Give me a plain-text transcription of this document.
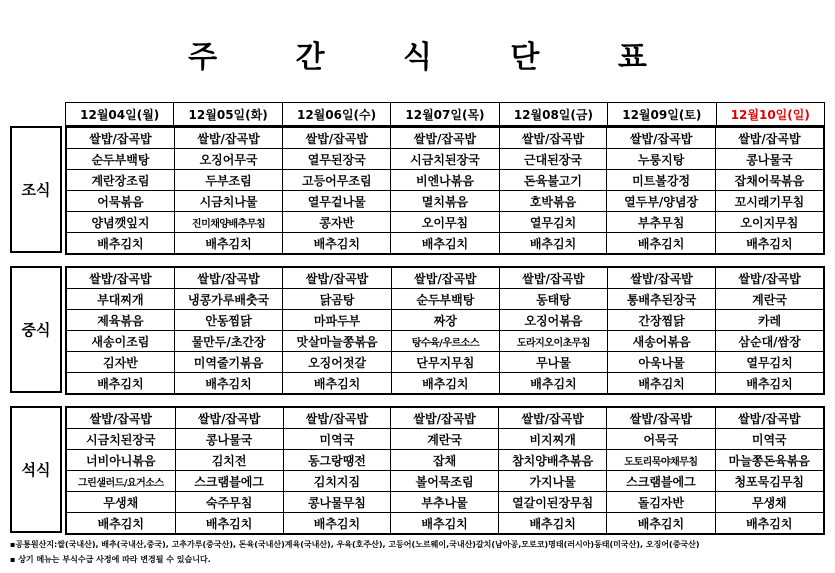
주 간 식 단 표
12월04일(월)	12월05일(화)	12월06일(수)	12월07일(목)	12월08일(금)	12월09일(토)	12월10일(일)
조식
쌀밥/잡곡밥	쌀밥/잡곡밥	쌀밥/잡곡밥	쌀밥/잡곡밥	쌀밥/잡곡밥	쌀밥/잡곡밥	쌀밥/잡곡밥
순두부백탕	오징어무국	열무된장국	시금치된장국	근대된장국	누룽지탕	콩나물국
계란장조림	두부조림	고등어무조림	비엔나볶음	돈육불고기	미트볼강정	잡채어묵볶음
어묵볶음	시금치나물	열무겉나물	멸치볶음	호박볶음	열두부/양념장	꼬시래기무침
양념깻잎지	진미채양배추무침	콩자반	오이무침	열무김치	부추무침	오이지무침
배추김치	배추김치	배추김치	배추김치	배추김치	배추김치	배추김치
중식
쌀밥/잡곡밥	쌀밥/잡곡밥	쌀밥/잡곡밥	쌀밥/잡곡밥	쌀밥/잡곡밥	쌀밥/잡곡밥	쌀밥/잡곡밥
부대찌개	냉콩가루배춧국	닭곰탕	순두부백탕	동태탕	통배추된장국	계란국
제육볶음	안동찜닭	마파두부	짜장	오징어볶음	간장찜닭	카레
새송이조림	물만두/초간장	맛살마늘쫑볶음	탕수육/우르소스	도라지오이초무침	새송어볶음	삼순대/쌈장
김자반	미역줄기볶음	오징어젓갈	단무지무침	무나물	아욱나물	열무김치
배추김치	배추김치	배추김치	배추김치	배추김치	배추김치	배추김치
석식
쌀밥/잡곡밥	쌀밥/잡곡밥	쌀밥/잡곡밥	쌀밥/잡곡밥	쌀밥/잡곡밥	쌀밥/잡곡밥	쌀밥/잡곡밥
시금치된장국	콩나물국	미역국	계란국	비지찌개	어묵국	미역국
너비아니볶음	김치전	동그랑땡전	잡채	참치양배추볶음	도토리묵야채무침	마늘쫑돈육볶음
그린샐러드/요거소스	스크램블에그	김치지짐	볼어묵조림	가지나물	스크램블에그	청포묵김무침
무생채	숙주무침	콩나물무침	부추나물	열갈이된장무침	돌김자반	무생채
배추김치	배추김치	배추김치	배추김치	배추김치	배추김치	배추김치
▪공통원산지:쌀(국내산), 배추(국내산,중국), 고추가루(중국산), 돈육(국내산)계육(국내산), 우육(호주산), 고등어(노르웨이,국내산)갈치(남아공,모로코)명태(러시아)동태(미국산), 오징어(중국산)
▪ 상기 메뉴는 부식수급 사정에 따라 변경될 수 있습니다.
